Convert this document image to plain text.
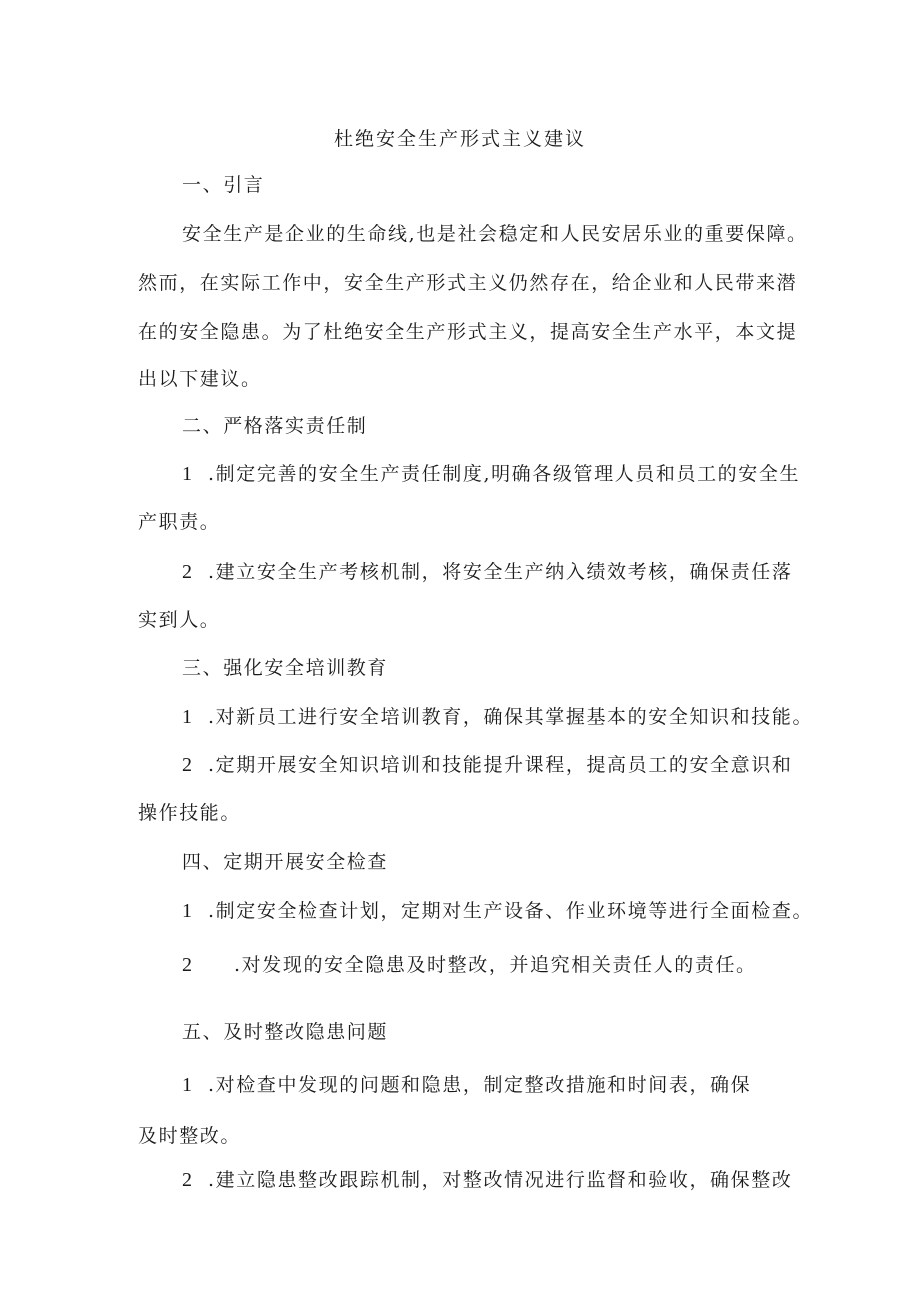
杜绝安全生产形式主义建议
一、引言
安全生产是企业的生命线,也是社会稳定和人民安居乐业的重要保障。
然而，在实际工作中，安全生产形式主义仍然存在，给企业和人民带来潜
在的安全隐患。为了杜绝安全生产形式主义，提高安全生产水平，本文提
出以下建议。
二、严格落实责任制
1 .制定完善的安全生产责任制度,明确各级管理人员和员工的安全生
产职责。
2 .建立安全生产考核机制，将安全生产纳入绩效考核，确保责任落
实到人。
三、强化安全培训教育
1 .对新员工进行安全培训教育，确保其掌握基本的安全知识和技能。
2 .定期开展安全知识培训和技能提升课程，提高员工的安全意识和
操作技能。
四、定期开展安全检查
1 .制定安全检查计划，定期对生产设备、作业环境等进行全面检查。
2 .对发现的安全隐患及时整改，并追究相关责任人的责任。
五、及时整改隐患问题
1 .对检查中发现的问题和隐患，制定整改措施和时间表，确保
及时整改。
2 .建立隐患整改跟踪机制，对整改情况进行监督和验收，确保整改
